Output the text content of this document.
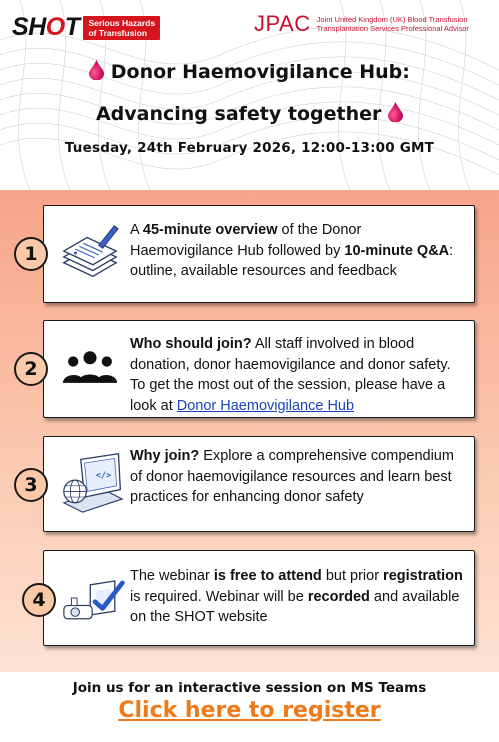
SHOT	Serious Hazards
of Transfusion	JPAC Joint United Kingdom (UK) Blood Transfusion
Transplantation Services Professional Advisor
Donor Haemovigilance Hub:
Advancing safety together
Tuesday, 24th February 2026, 12:00-13:00 GMT
1
A 45-minute overview of the Donor Haemovigilance Hub followed by 10-minute Q&A: outline, available resources and feedback
2
Who should join? All staff involved in blood donation, donor haemovigilance and donor safety. To get the most out of the session, please have a look at Donor Haemovigilance Hub
3	</>
Why join? Explore a comprehensive compendium of donor haemovigilance resources and learn best practices for enhancing donor safety
4
The webinar is free to attend but prior registration is required. Webinar will be recorded and available on the SHOT website
Join us for an interactive session on MS Teams
Click here to register
